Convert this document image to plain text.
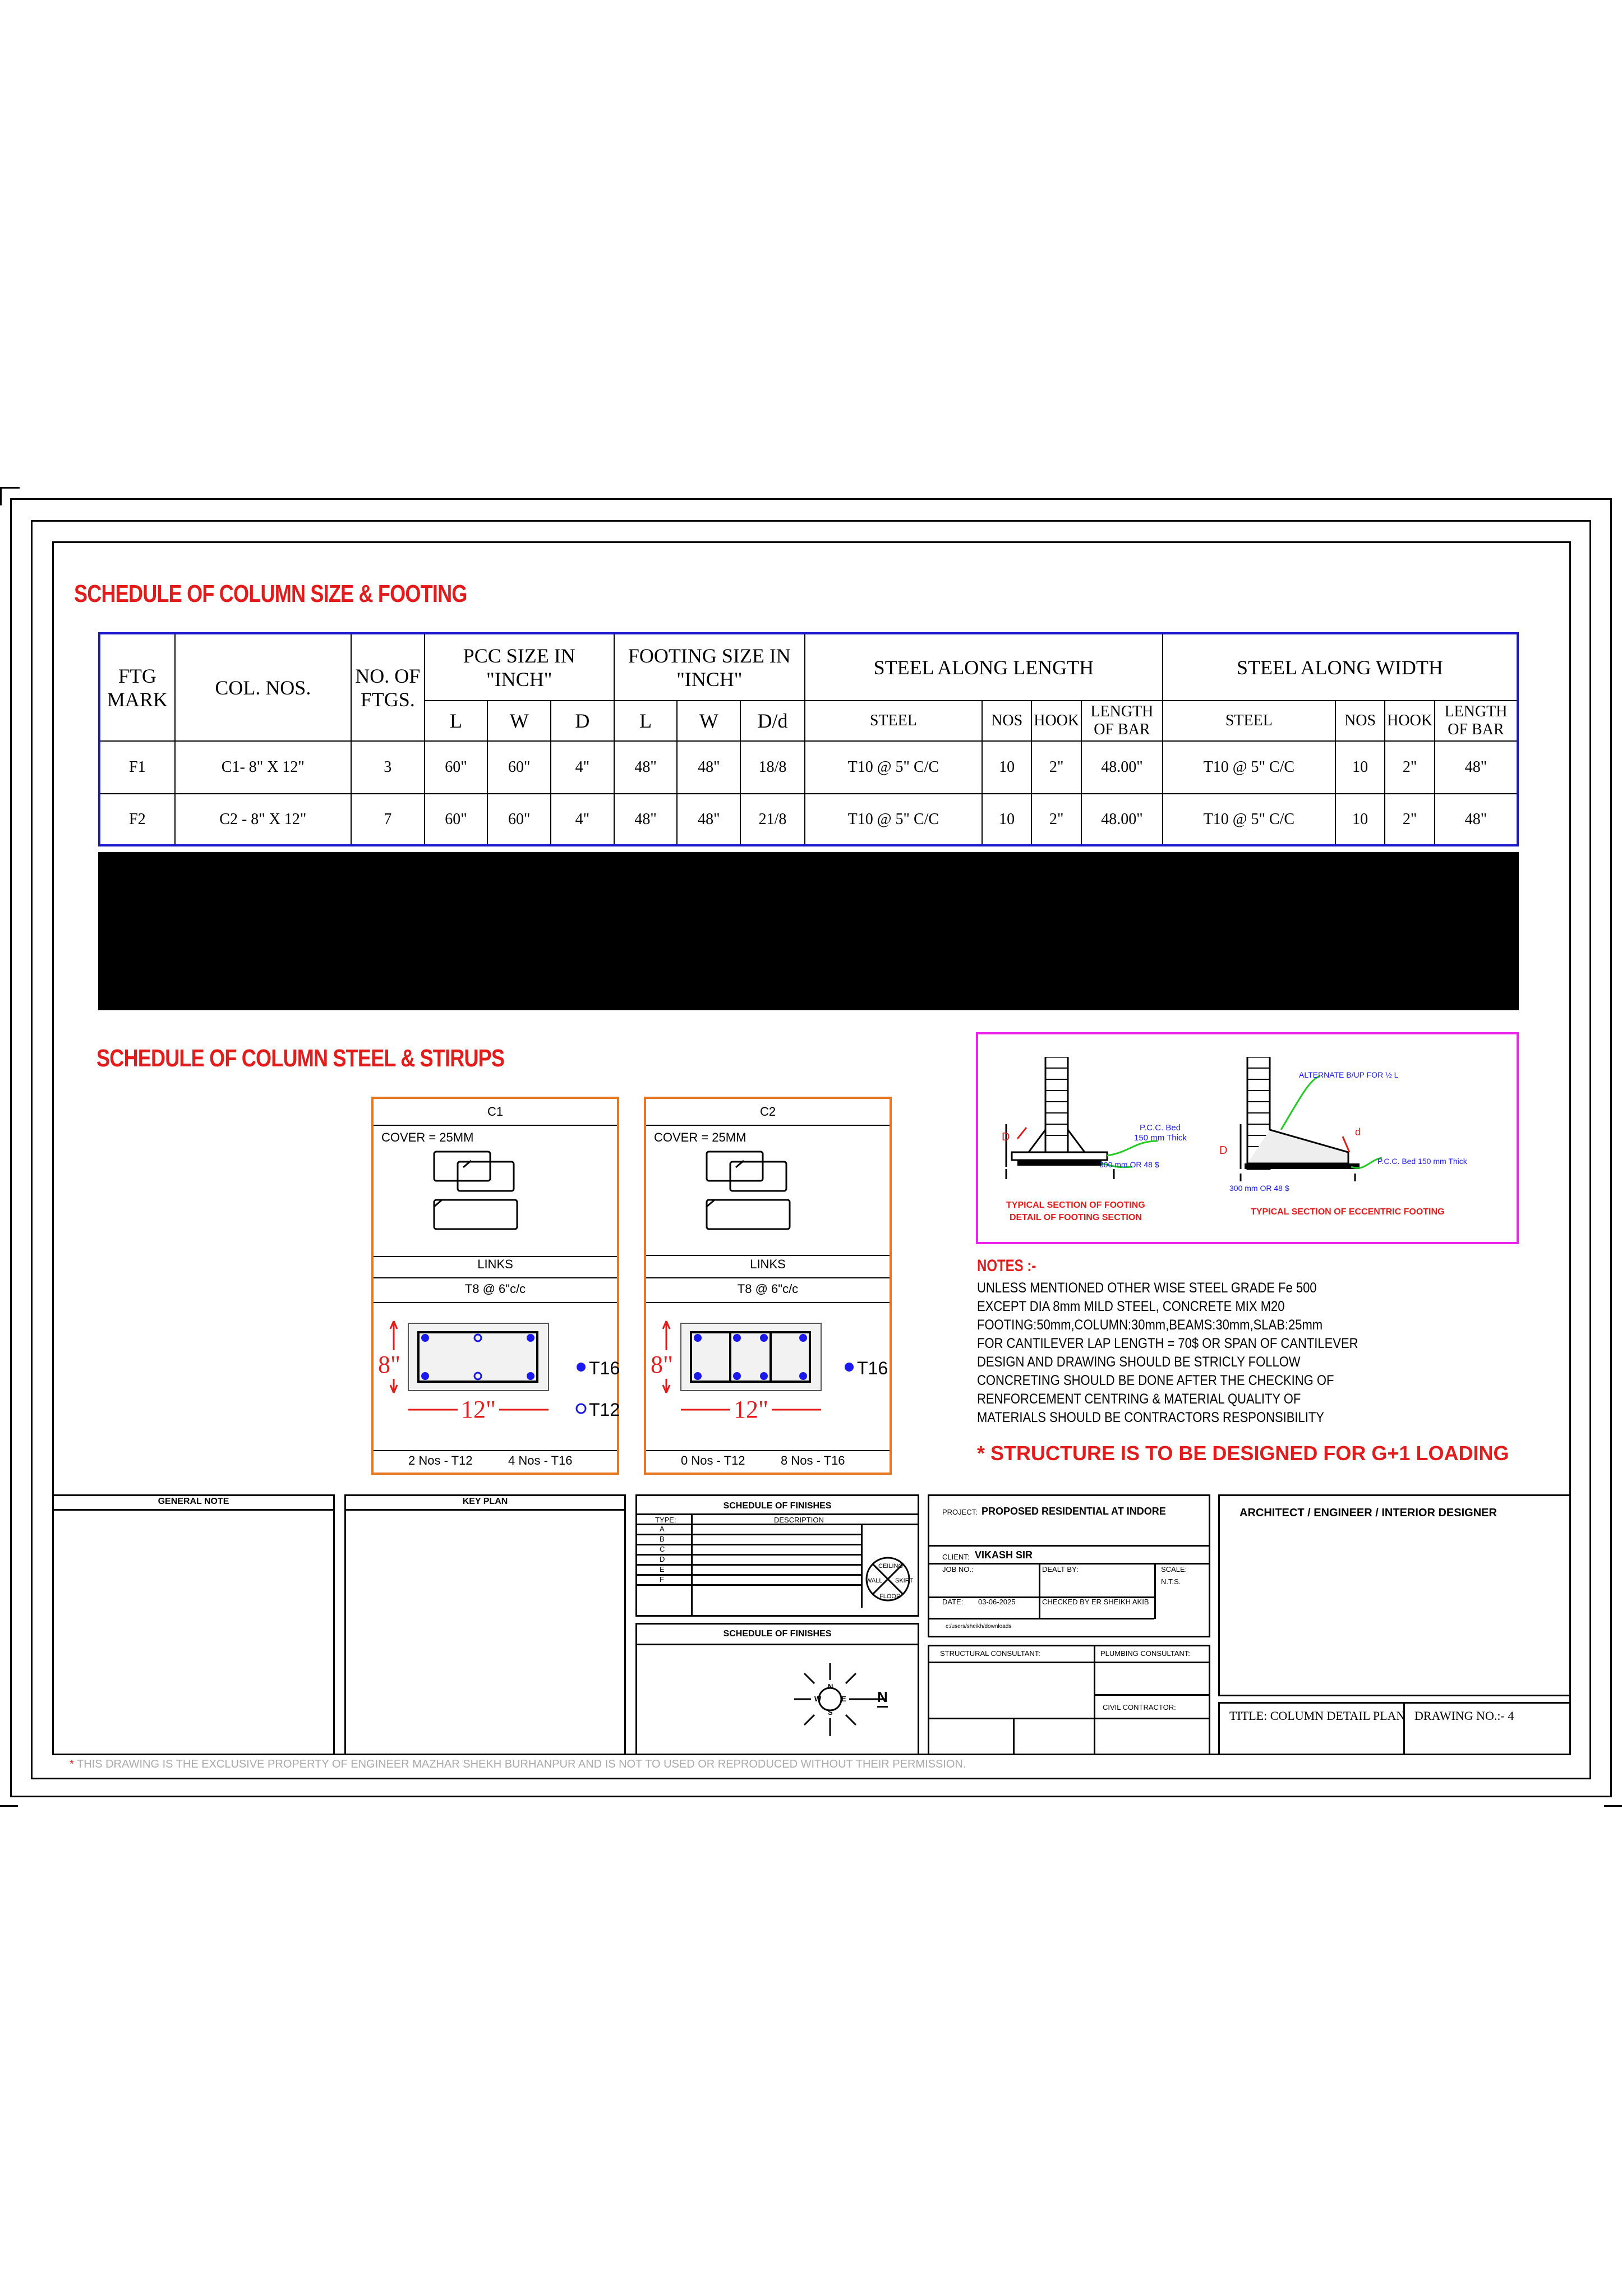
SCHEDULE OF COLUMN SIZE & FOOTING
FTG MARK	COL. NOS.	NO. OF FTGS.	PCC SIZE IN "INCH"			FOOTING SIZE IN "INCH"			STEEL ALONG LENGTH				STEEL ALONG WIDTH			
			L	W	D	L	W	D/d	STEEL	NOS	HOOK	LENGTH OF BAR	STEEL	NOS	HOOK	LENGTH OF BAR
F1	C1- 8" X 12"	3	60"	60"	4"	48"	48"	18/8	T10 @ 5" C/C	10	2"	48.00"	T10 @ 5" C/C	10	2"	48"
F2	C2 - 8" X 12"	7	60"	60"	4"	48"	48"	21/8	T10 @ 5" C/C	10	2"	48.00"	T10 @ 5" C/C	10	2"	48"
SCHEDULE OF COLUMN STEEL & STIRUPS
C1
COVER = 25MM
LINKS
T8 @ 6"c/c
8"
12"
T16
T12
2 Nos - T12	4 Nos - T16
C2
COVER = 25MM
LINKS
T8 @ 6"c/c
8"
12"
T16
0 Nos - T12	8 Nos - T16
D
P.C.C. Bed
150 mm Thick
300 mm OR 48 $
TYPICAL SECTION OF FOOTING
DETAIL OF FOOTING SECTION
ALTERNATE B/UP FOR ½ L
D
d
P.C.C. Bed 150 mm Thick
300 mm OR 48 $
TYPICAL SECTION OF ECCENTRIC FOOTING
NOTES :-
UNLESS MENTIONED OTHER WISE STEEL GRADE Fe 500
EXCEPT DIA 8mm MILD STEEL, CONCRETE MIX M20
FOOTING:50mm,COLUMN:30mm,BEAMS:30mm,SLAB:25mm
FOR CANTILEVER LAP LENGTH = 70$ OR SPAN OF CANTILEVER
DESIGN AND DRAWING SHOULD BE STRICLY FOLLOW
CONCRETING SHOULD BE DONE AFTER THE CHECKING OF
RENFORCEMENT CENTRING & MATERIAL QUALITY OF
MATERIALS SHOULD BE CONTRACTORS RESPONSIBILITY
* STRUCTURE IS TO BE DESIGNED FOR G+1 LOADING
GENERAL NOTE	KEY PLAN	SCHEDULE OF FINISHES
TYPE:	DESCRIPTION
A
B
C
D
E
F
CEILING
WALL SKIRT
FLOOR
SCHEDULE OF FINISHES
N
S
W	E N
PROJECT: PROPOSED RESIDENTIAL AT INDORE
CLIENT: VIKASH SIR
JOB NO.:	DEALT BY:	SCALE:
N.T.S.
DATE: 03-06-2025	CHECKED BY ER SHEIKH AKIB
c:/users/sheikh/downloads
STRUCTURAL CONSULTANT:	PLUMBING CONSULTANT:
CIVIL CONTRACTOR:
ARCHITECT / ENGINEER / INTERIOR DESIGNER
TITLE: COLUMN DETAIL PLAN DRAWING NO.:- 4
* THIS DRAWING IS THE EXCLUSIVE PROPERTY OF ENGINEER MAZHAR SHEKH BURHANPUR AND IS NOT TO USED OR REPRODUCED WITHOUT THEIR PERMISSION.
